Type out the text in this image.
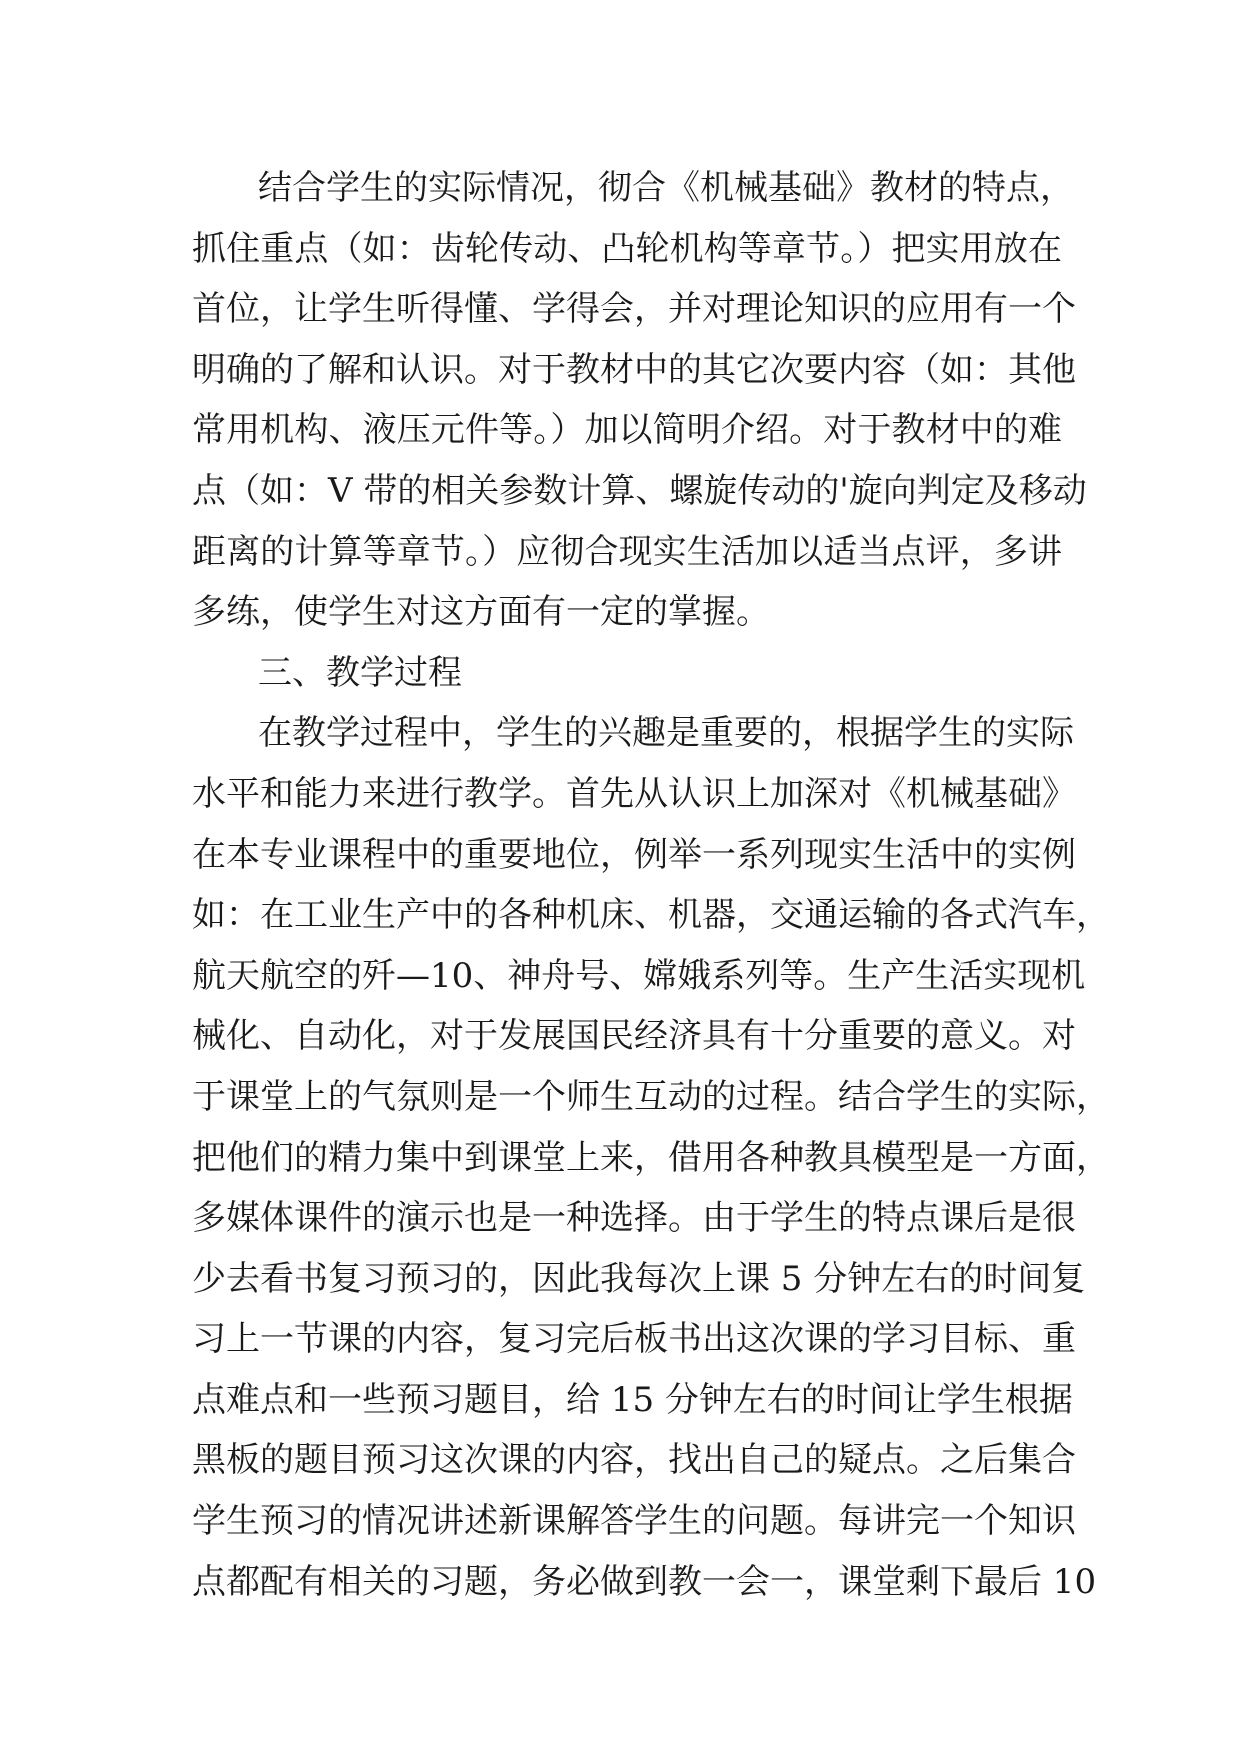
结合学生的实际情况，彻合《机械基础》教材的特点，
抓住重点（如：齿轮传动、凸轮机构等章节。）把实用放在
首位，让学生听得懂、学得会，并对理论知识的应用有一个
明确的了解和认识。对于教材中的其它次要内容（如：其他
常用机构、液压元件等。）加以简明介绍。对于教材中的难
点（如：V 带的相关参数计算、螺旋传动的'旋向判定及移动
距离的计算等章节。）应彻合现实生活加以适当点评，多讲
多练，使学生对这方面有一定的掌握。
三、教学过程
在教学过程中，学生的兴趣是重要的，根据学生的实际
水平和能力来进行教学。首先从认识上加深对《机械基础》
在本专业课程中的重要地位，例举一系列现实生活中的实例
如：在工业生产中的各种机床、机器，交通运输的各式汽车，
航天航空的歼—10、神舟号、嫦娥系列等。生产生活实现机
械化、自动化，对于发展国民经济具有十分重要的意义。对
于课堂上的气氛则是一个师生互动的过程。结合学生的实际，
把他们的精力集中到课堂上来，借用各种教具模型是一方面，
多媒体课件的演示也是一种选择。由于学生的特点课后是很
少去看书复习预习的，因此我每次上课 5 分钟左右的时间复
习上一节课的内容，复习完后板书出这次课的学习目标、重
点难点和一些预习题目，给 15 分钟左右的时间让学生根据
黑板的题目预习这次课的内容，找出自己的疑点。之后集合
学生预习的情况讲述新课解答学生的问题。每讲完一个知识
点都配有相关的习题，务必做到教一会一，课堂剩下最后 10
